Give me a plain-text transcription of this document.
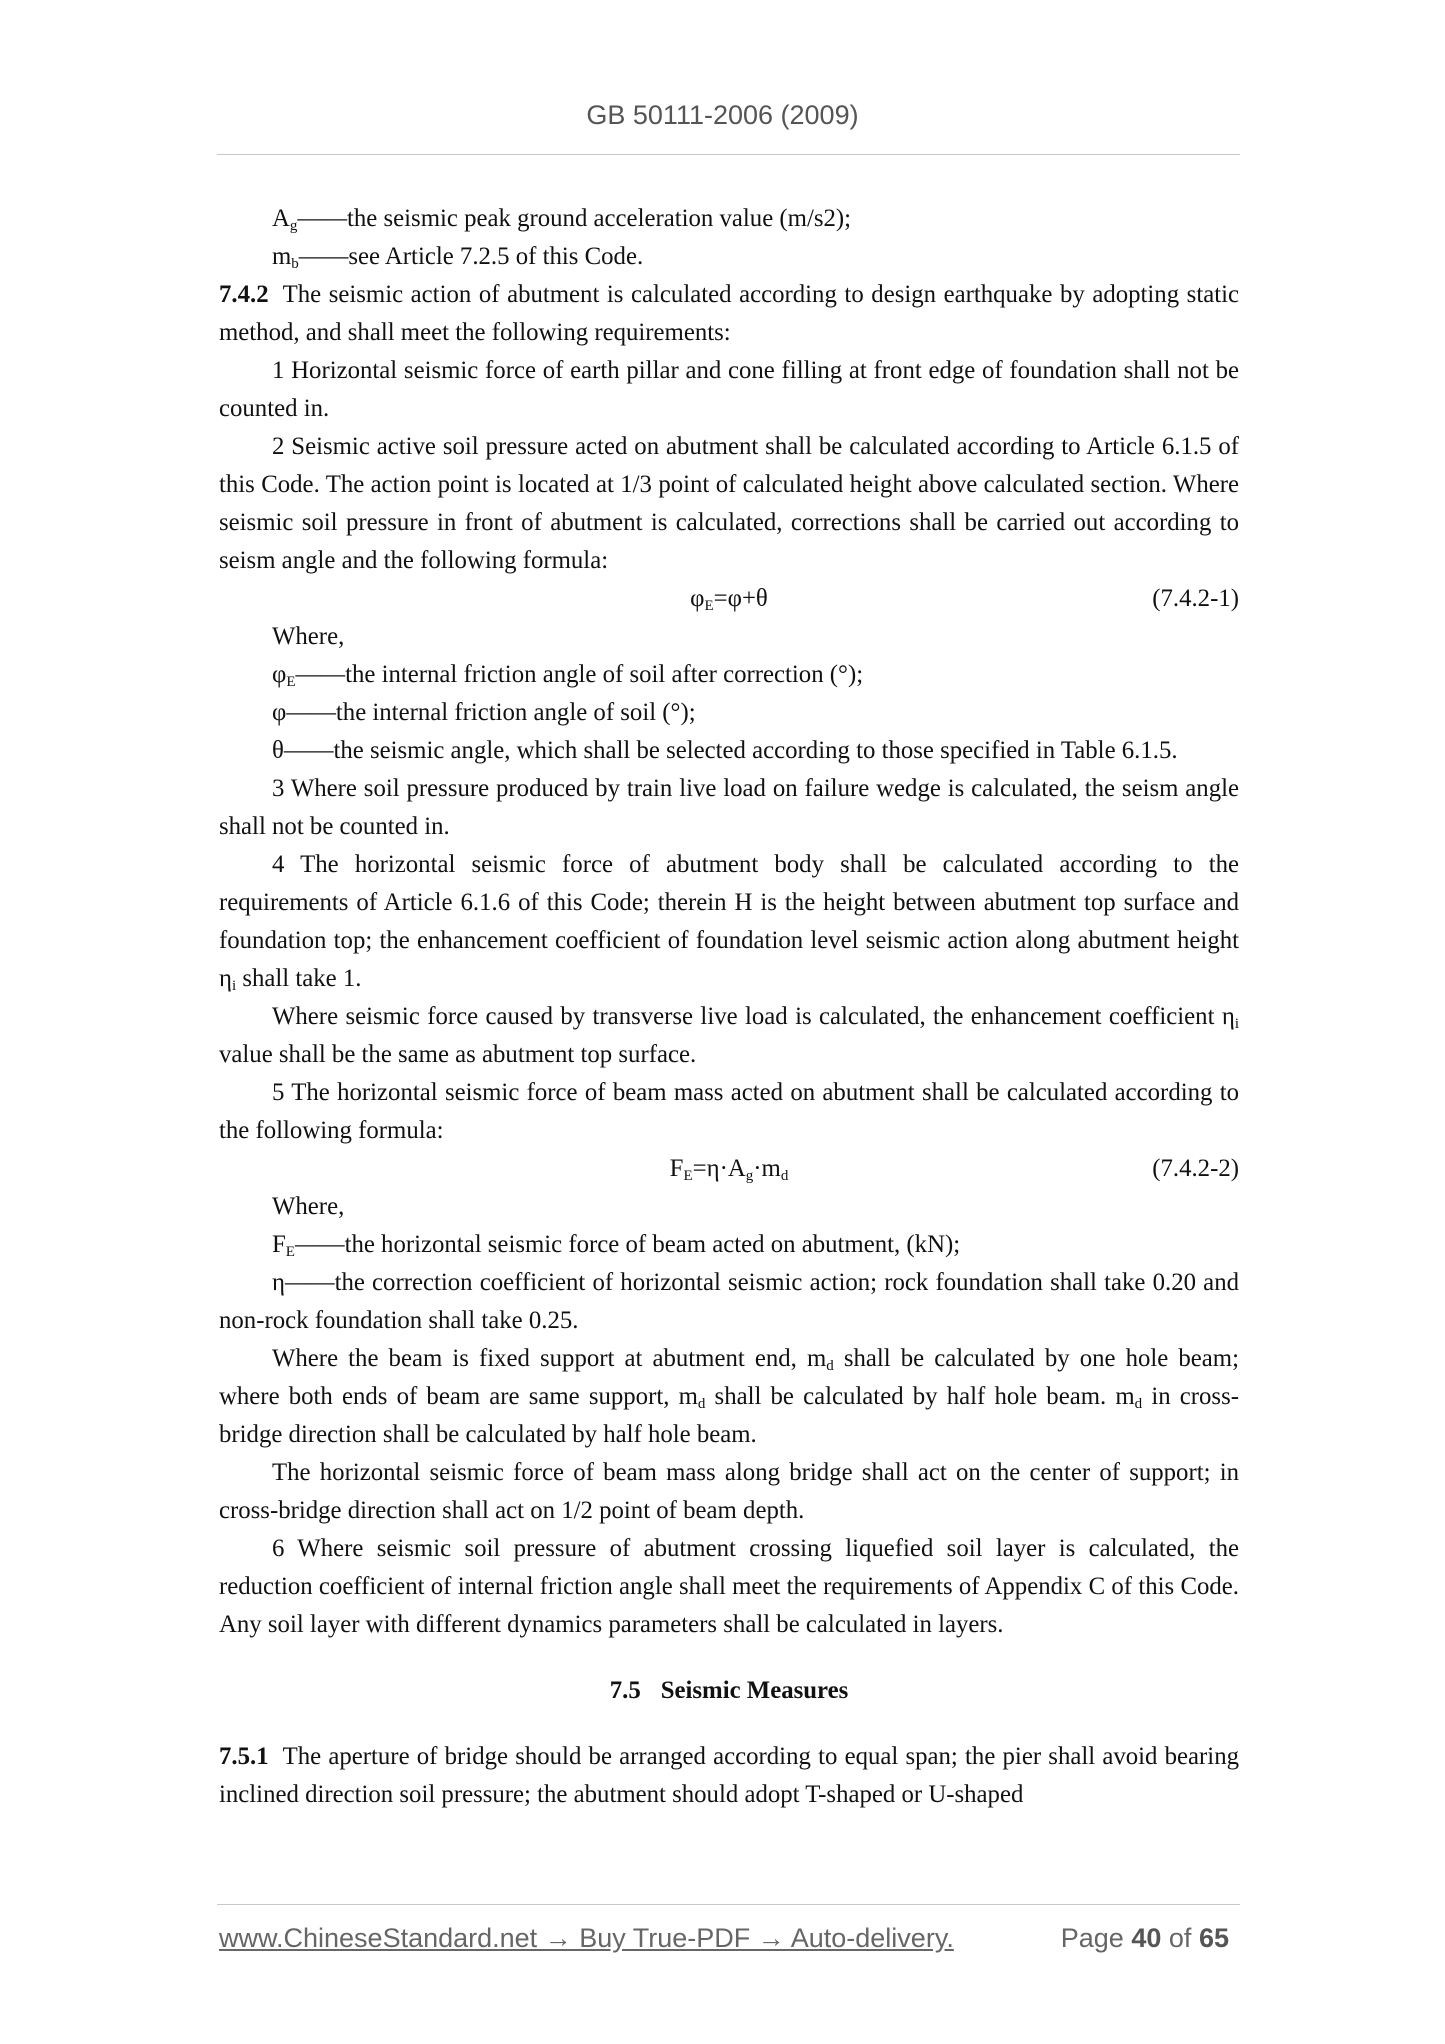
GB 50111-2006 (2009)

$A_g——the$ seismic peak ground acceleration value (m/s2);

$m_b——see$ Article 7.2.5 of this Code.

7.4.2 The seismic action of abutment is calculated according to design earthquake by adopting static method, and shall meet the following requirements:

1 Horizontal seismic force of earth pillar and cone filling at front edge of foundation shall not be counted in.

2 Seismic active soil pressure acted on abutment shall be calculated according to Article 6.1.5 of this Code. The action point is located at 1/3 point of calculated height above calculated section. Where seismic soil pressure in front of abutment is calculated, corrections shall be carried out according to seism angle and the following formula:

$\varphi_E=\varphi+\theta$	(7.4.2-1)

Where,

$\varphi_E——the$ internal friction angle of soil after correction (°);

φ——the internal friction angle of soil (°);

θ——the seismic angle, which shall be selected according to those specified in Table 6.1.5.

3 Where soil pressure produced by train live load on failure wedge is calculated, the seism angle shall not be counted in.

4 The horizontal seismic force of abutment body shall be calculated according to the requirements of Article 6.1.6 of this Code; therein H is the height between abutment top surface and foundation top; the enhancement coefficient of foundation level seismic action along abutment height $\eta_i$ shall take 1.

Where seismic force caused by transverse live load is calculated, the enhancement coefficient $\eta_i$ value shall be the same as abutment top surface.

5 The horizontal seismic force of beam mass acted on abutment shall be calculated according to the following formula:

$F_E=\eta\cdot A_g\cdot m_d$	(7.4.2-2)

Where,

$F_E——the$ horizontal seismic force of beam acted on abutment, (kN);

η——the correction coefficient of horizontal seismic action; rock foundation shall take 0.20 and non-rock foundation shall take 0.25.

Where the beam is fixed support at abutment end, $m_d$ shall be calculated by one hole beam; where both ends of beam are same support, $m_d$ shall be calculated by half hole beam. $m_d$ in cross-bridge direction shall be calculated by half hole beam.

The horizontal seismic force of beam mass along bridge shall act on the center of support; in cross-bridge direction shall act on 1/2 point of beam depth.

6 Where seismic soil pressure of abutment crossing liquefied soil layer is calculated, the reduction coefficient of internal friction angle shall meet the requirements of Appendix C of this Code. Any soil layer with different dynamics parameters shall be calculated in layers.

7.5 Seismic Measures

7.5.1 The aperture of bridge should be arranged according to equal span; the pier shall avoid bearing inclined direction soil pressure; the abutment should adopt T-shaped or U-shaped

www.ChineseStandard.net → Buy True-PDF → Auto-delivery.	Page 40 of 65
